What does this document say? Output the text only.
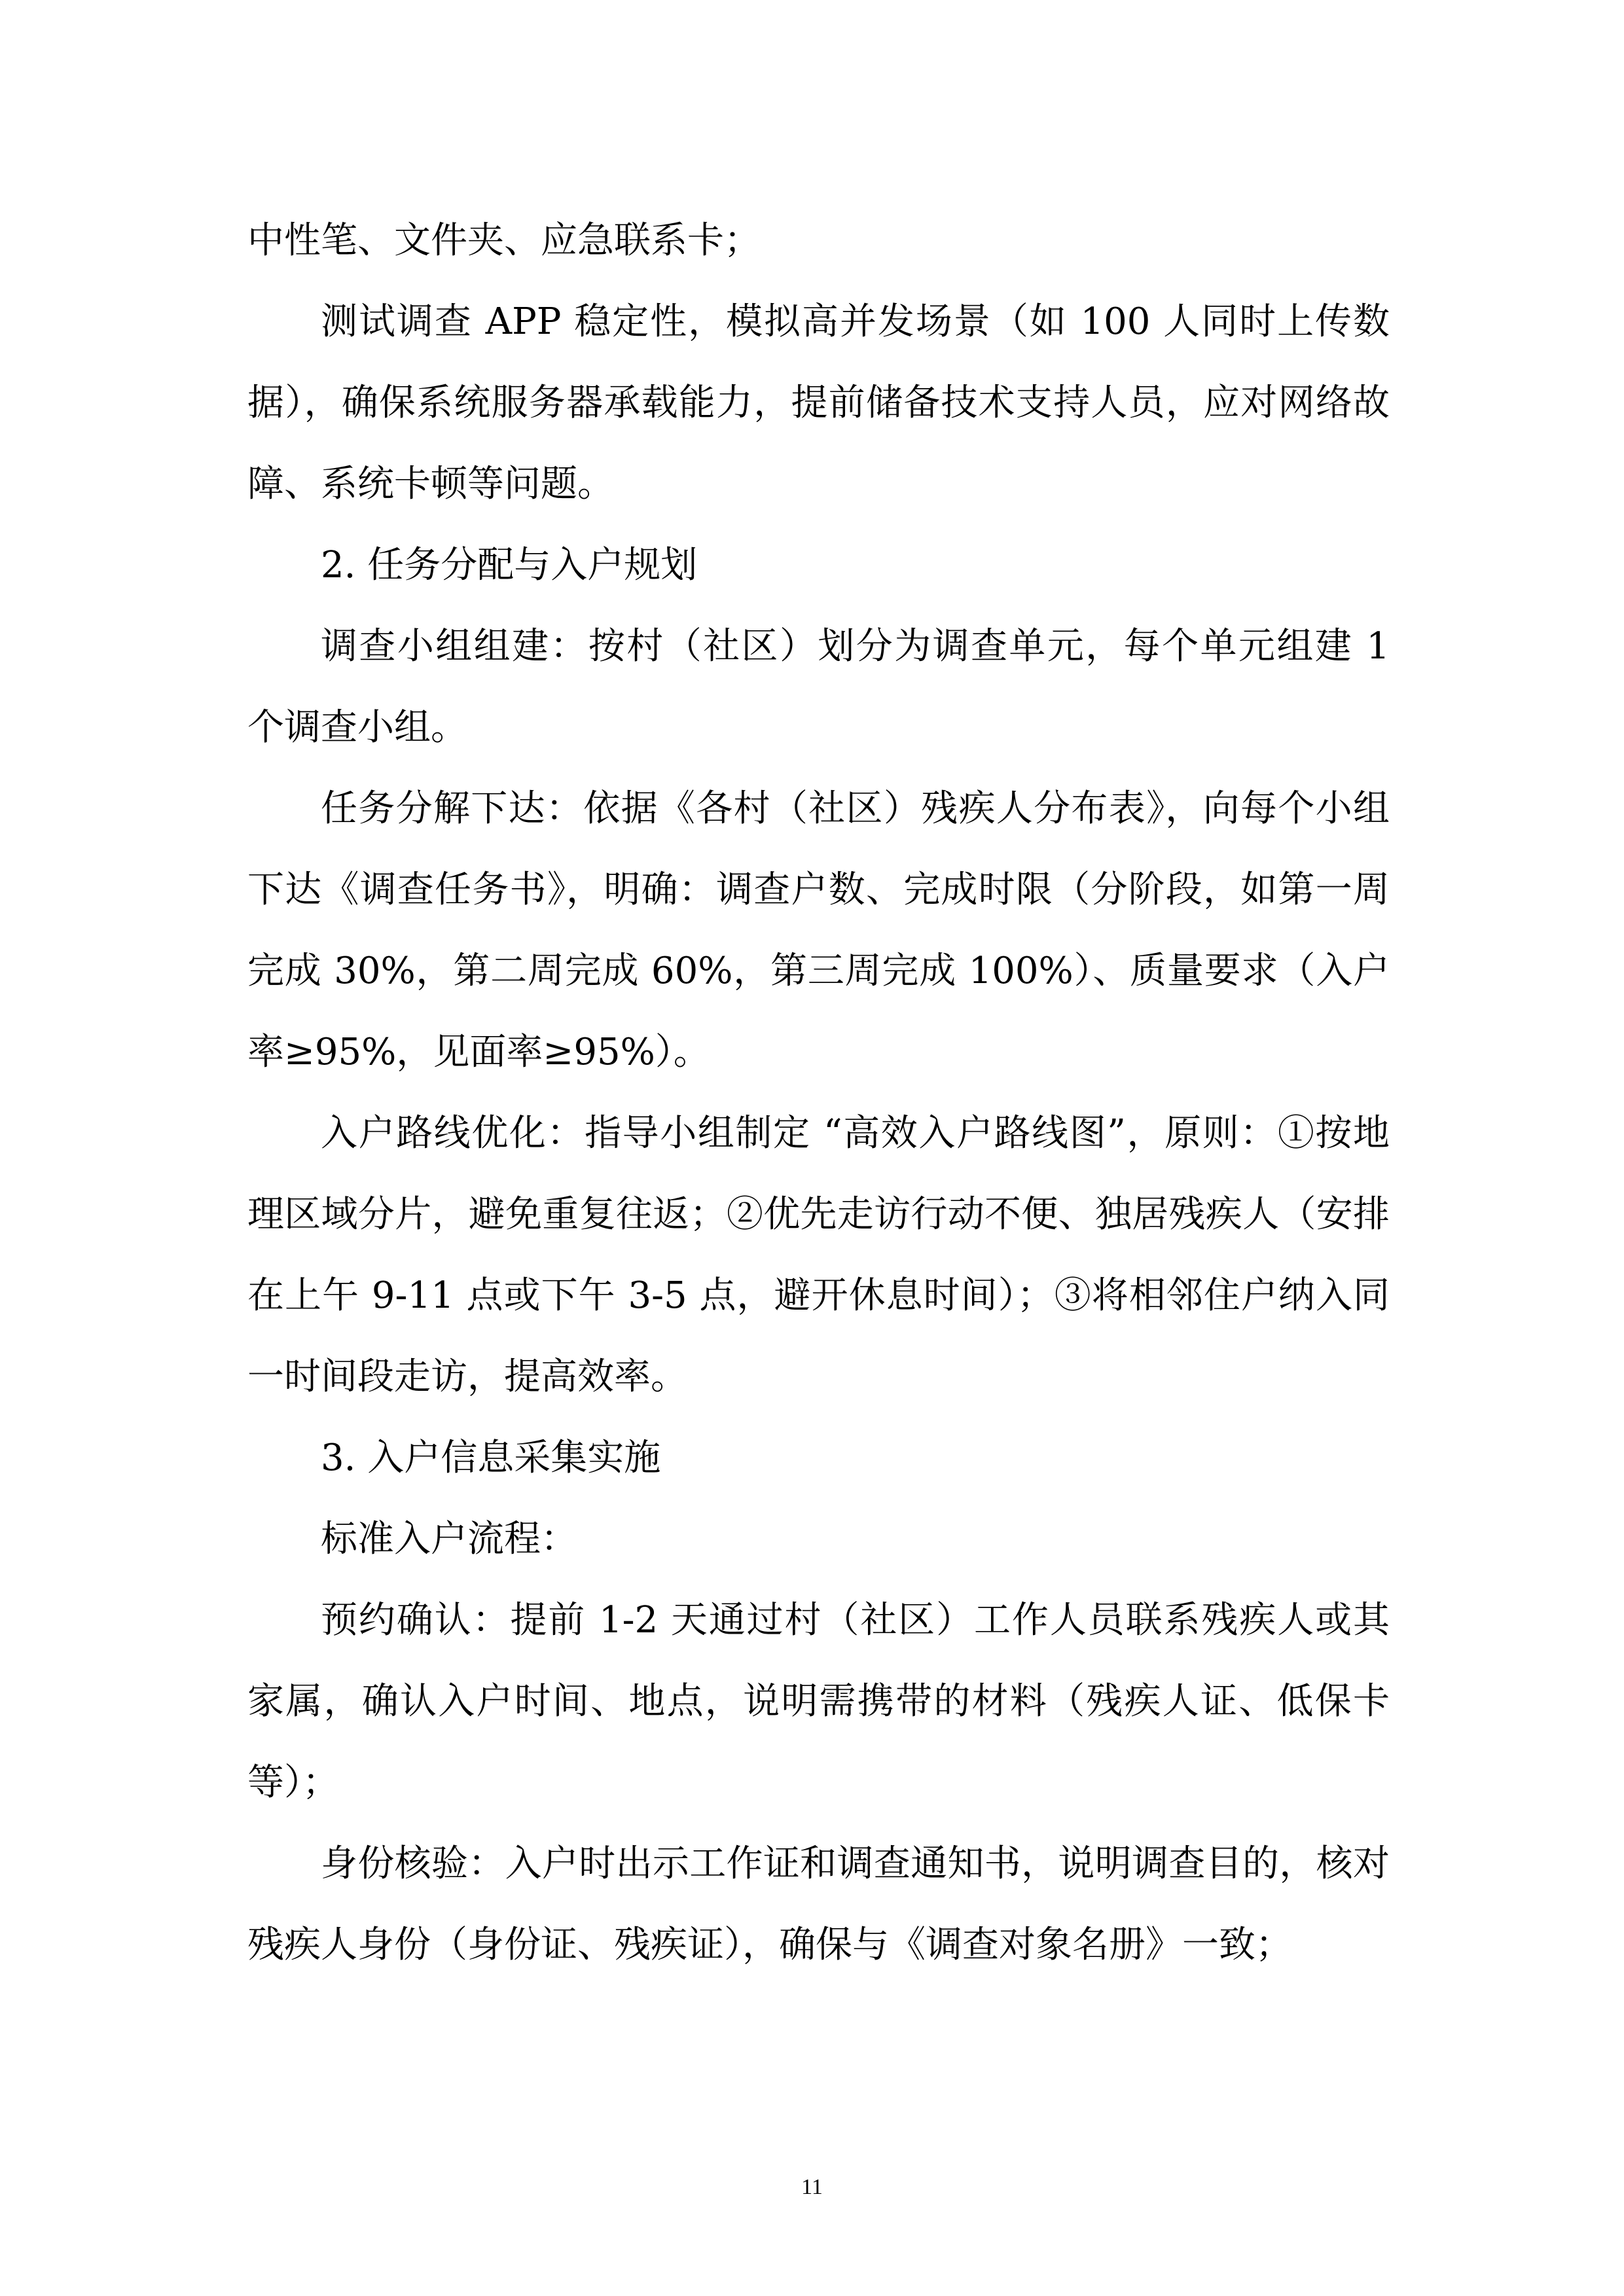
中性笔、文件夹、应急联系卡；

测试调查 APP 稳定性，模拟高并发场景（如 100 人同时上传数据），确保系统服务器承载能力，提前储备技术支持人员，应对网络故障、系统卡顿等问题。

2. 任务分配与入户规划

调查小组组建：按村（社区）划分为调查单元，每个单元组建 1 个调查小组。

任务分解下达：依据《各村（社区）残疾人分布表》，向每个小组下达《调查任务书》，明确：调查户数、完成时限（分阶段，如第一周完成 30%，第二周完成 60%，第三周完成 100%）、质量要求（入户率≥95%，见面率≥95%）。

入户路线优化：指导小组制定 “高效入户路线图”，原则：①按地理区域分片，避免重复往返；②优先走访行动不便、独居残疾人（安排在上午 9-11 点或下午 3-5 点，避开休息时间）；③将相邻住户纳入同一时间段走访，提高效率。

3. 入户信息采集实施

标准入户流程：

预约确认：提前 1-2 天通过村（社区）工作人员联系残疾人或其家属，确认入户时间、地点，说明需携带的材料（残疾人证、低保卡等）；

身份核验：入户时出示工作证和调查通知书，说明调查目的，核对残疾人身份（身份证、残疾证），确保与《调查对象名册》一致；

11
